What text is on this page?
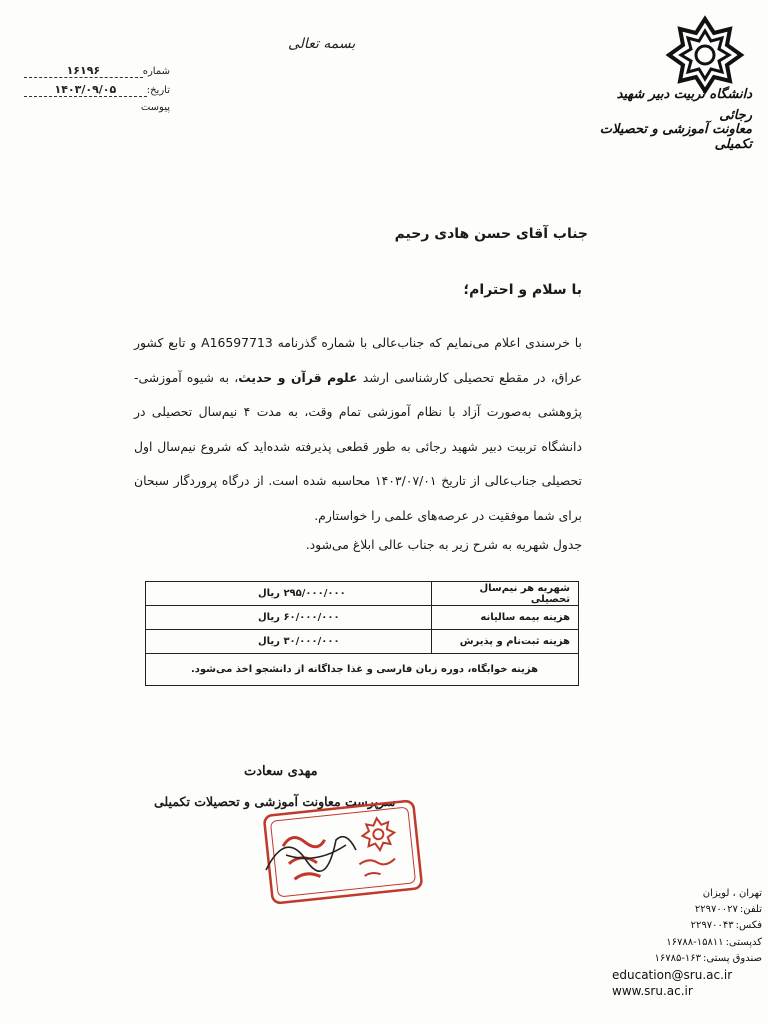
دانشگاه تربیت دبیر شهید رجائی
معاونت آموزشی و تحصیلات تکمیلی
بسمه تعالی
شماره
۱۶۱۹۶
تاریخ:
۱۴۰۳/۰۹/۰۵
پیوست
جناب آقای حسن هادی رحیم
با سلام و احترام؛
با خرسندی اعلام می‌نمایم که جناب‌عالی با شماره گذرنامه A16597713 و تابع کشور عراق، در مقطع تحصیلی کارشناسی ارشد علوم قرآن و حدیث، به شیوه آموزشی-پژوهشی به‌صورت آزاد با نظام آموزشی تمام وقت، به مدت ۴ نیم‌سال تحصیلی در دانشگاه تربیت دبیر شهید رجائی به طور قطعی پذیرفته شده‌اید که شروع نیم‌سال اول تحصیلی جناب‌عالی از تاریخ ۱۴۰۳/۰۷/۰۱ محاسبه شده است. از درگاه پروردگار سبحان برای شما موفقیت در عرصه‌های علمی را خواستارم.
جدول شهریه به شرح زیر به جناب عالی ابلاغ می‌شود.
شهریه هر نیم‌سال تحصیلی	۲۹۵/۰۰۰/۰۰۰ ریال
هزینه بیمه سالیانه	۶۰/۰۰۰/۰۰۰ ریال
هزینه ثبت‌نام و پذیرش	۳۰/۰۰۰/۰۰۰ ریال
هزینه خوابگاه، دوره زبان فارسی و غذا جداگانه از دانشجو اخذ می‌شود.	
مهدی سعادت
سرپرست معاونت آموزشی و تحصیلات تکمیلی
تهران ، لویزان
تلفن:
۲۲۹۷۰۰۲۷
فکس:
۲۲۹۷۰۰۴۳
کدپستی:
۱۶۷۸۸-۱۵۸۱۱
صندوق پستی:
۱۶۷۸۵-۱۶۳
education@sru.ac.ir
www.sru.ac.ir
